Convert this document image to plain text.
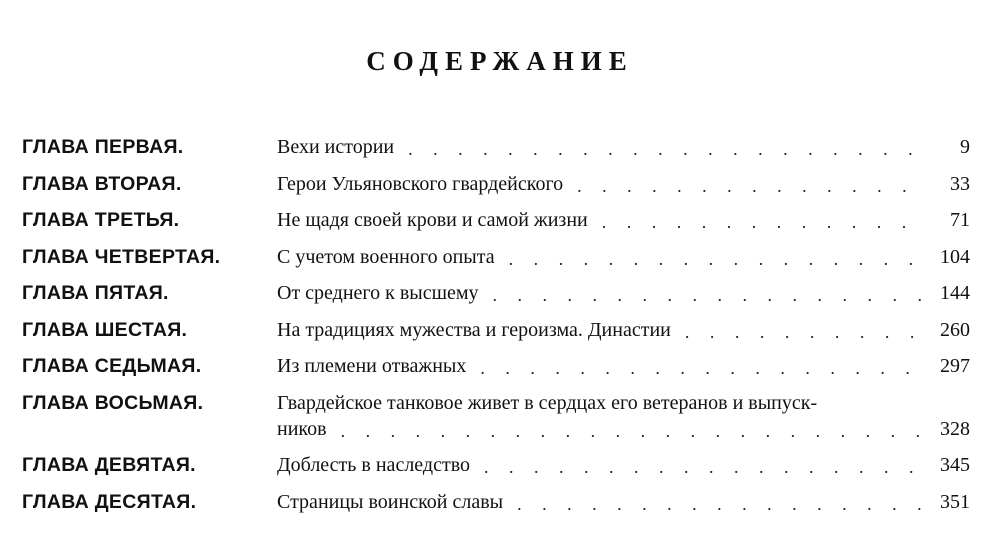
СОДЕРЖАНИЕ
ГЛАВА ПЕРВАЯ.	Вехи истории . . .	9
ГЛАВА ВТОРАЯ.	Герои Ульяновского гвардейского . . .	33
ГЛАВА ТРЕТЬЯ.	Не щадя своей крови и самой жизни . . .	71
ГЛАВА ЧЕТВЕРТАЯ.	С учетом военного опыта . . .	104
ГЛАВА ПЯТАЯ.	От среднего к высшему . . .	144
ГЛАВА ШЕСТАЯ.	На традициях мужества и героизма. Династии . . .	260
ГЛАВА СЕДЬМАЯ.	Из племени отважных . . .	297
ГЛАВА ВОСЬМАЯ.	Гвардейское танковое живет в сердцах его ветеранов и выпуск-
ников . . .	328
ГЛАВА ДЕВЯТАЯ.	Доблесть в наследство . . .	345
ГЛАВА ДЕСЯТАЯ.	Страницы воинской славы . . .	351
